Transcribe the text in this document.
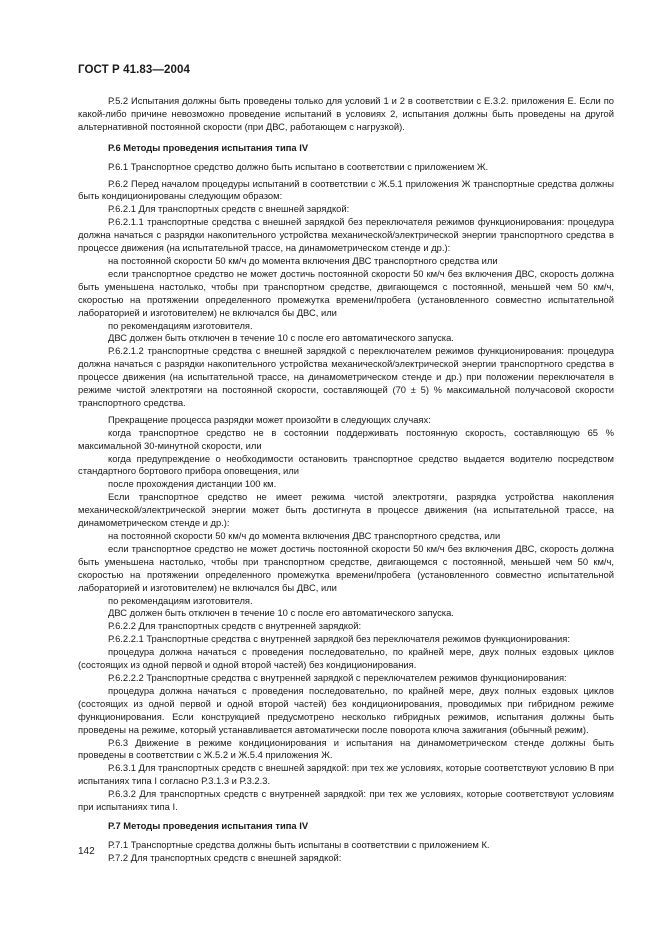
ГОСТ Р 41.83—2004

Р.5.2 Испытания должны быть проведены только для условий 1 и 2 в соответствии с Е.3.2. приложения Е. Если по какой-либо причине невозможно проведение испытаний в условиях 2, испытания должны быть проведены на другой альтернативной постоянной скорости (при ДВС, работающем с нагрузкой).

Р.6 Методы проведения испытания типа IV

Р.6.1 Транспортное средство должно быть испытано в соответствии с приложением Ж.

Р.6.2 Перед началом процедуры испытаний в соответствии с Ж.5.1 приложения Ж транспортные средства должны быть кондиционированы следующим образом:

Р.6.2.1 Для транспортных средств с внешней зарядкой:

Р.6.2.1.1 транспортные средства с внешней зарядкой без переключателя режимов функционирования: процедура должна начаться с разрядки накопительного устройства механической/электрической энергии транспортного средства в процессе движения (на испытательной трассе, на динамометрическом стенде и др.):

на постоянной скорости 50 км/ч до момента включения ДВС транспортного средства или

если транспортное средство не может достичь постоянной скорости 50 км/ч без включения ДВС, скорость должна быть уменьшена настолько, чтобы при транспортном средстве, двигающемся с постоянной, меньшей чем 50 км/ч, скоростью на протяжении определенного промежутка времени/пробега (установленного совместно испытательной лабораторией и изготовителем) не включался бы ДВС, или

по рекомендациям изготовителя.

ДВС должен быть отключен в течение 10 с после его автоматического запуска.

Р.6.2.1.2 транспортные средства с внешней зарядкой с переключателем режимов функционирования: процедура должна начаться с разрядки накопительного устройства механической/электрической энергии транспортного средства в процессе движения (на испытательной трассе, на динамометрическом стенде и др.) при положении переключателя в режиме чистой электротяги на постоянной скорости, составляющей (70 ± 5) % максимальной получасовой скорости транспортного средства.

Прекращение процесса разрядки может произойти в следующих случаях:

когда транспортное средство не в состоянии поддерживать постоянную скорость, составляющую 65 % максимальной 30-минутной скорости, или

когда предупреждение о необходимости остановить транспортное средство выдается водителю посредством стандартного бортового прибора оповещения, или

после прохождения дистанции 100 км.

Если транспортное средство не имеет режима чистой электротяги, разрядка устройства накопления механической/электрической энергии может быть достигнута в процессе движения (на испытательной трассе, на динамометрическом стенде и др.):

на постоянной скорости 50 км/ч до момента включения ДВС транспортного средства, или

если транспортное средство не может достичь постоянной скорости 50 км/ч без включения ДВС, скорость должна быть уменьшена настолько, чтобы при транспортном средстве, двигающемся с постоянной, меньшей чем 50 км/ч, скоростью на протяжении определенного промежутка времени/пробега (установленного совместно испытательной лабораторией и изготовителем) не включался бы ДВС, или

по рекомендациям изготовителя.

ДВС должен быть отключен в течение 10 с после его автоматического запуска.

Р.6.2.2 Для транспортных средств с внутренней зарядкой:

Р.6.2.2.1 Транспортные средства с внутренней зарядкой без переключателя режимов функционирования:

процедура должна начаться с проведения последовательно, по крайней мере, двух полных ездовых циклов (состоящих из одной первой и одной второй частей) без кондиционирования.

Р.6.2.2.2 Транспортные средства с внутренней зарядкой с переключателем режимов функционирования:

процедура должна начаться с проведения последовательно, по крайней мере, двух полных ездовых циклов (состоящих из одной первой и одной второй частей) без кондиционирования, проводимых при гибридном режиме функционирования. Если конструкцией предусмотрено несколько гибридных режимов, испытания должны быть проведены на режиме, который устанавливается автоматически после поворота ключа зажигания (обычный режим).

Р.6.3 Движение в режиме кондиционирования и испытания на динамометрическом стенде должны быть проведены в соответствии с Ж.5.2 и Ж.5.4 приложения Ж.

Р.6.3.1 Для транспортных средств с внешней зарядкой: при тех же условиях, которые соответствуют условию В при испытаниях типа I согласно Р.3.1.3 и Р.3.2.3.

Р.6.3.2 Для транспортных средств с внутренней зарядкой: при тех же условиях, которые соответствуют условиям при испытаниях типа I.

Р.7 Методы проведения испытания типа IV

Р.7.1 Транспортные средства должны быть испытаны в соответствии с приложением К.

Р.7.2 Для транспортных средств с внешней зарядкой:

142
